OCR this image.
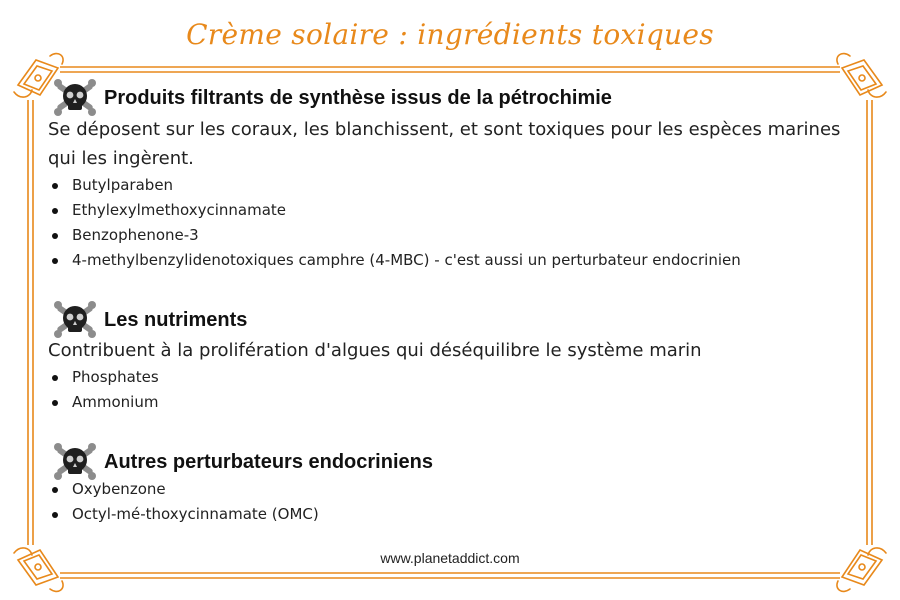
Crème solaire : ingrédients toxiques
Produits filtrants de synthèse issus de la pétrochimie
Se déposent sur les coraux, les blanchissent, et sont toxiques pour les espèces marines qui les ingèrent.
Butylparaben
Ethylexylmethoxycinnamate
Benzophenone-3
4-methylbenzylidenotoxiques camphre (4-MBC) - c'est aussi un perturbateur endocrinien
Les nutriments
Contribuent à la prolifération d'algues qui déséquilibre le système marin
Phosphates
Ammonium
Autres perturbateurs endocriniens
Oxybenzone
Octyl-mé-thoxycinnamate (OMC)
www.planetaddict.com
